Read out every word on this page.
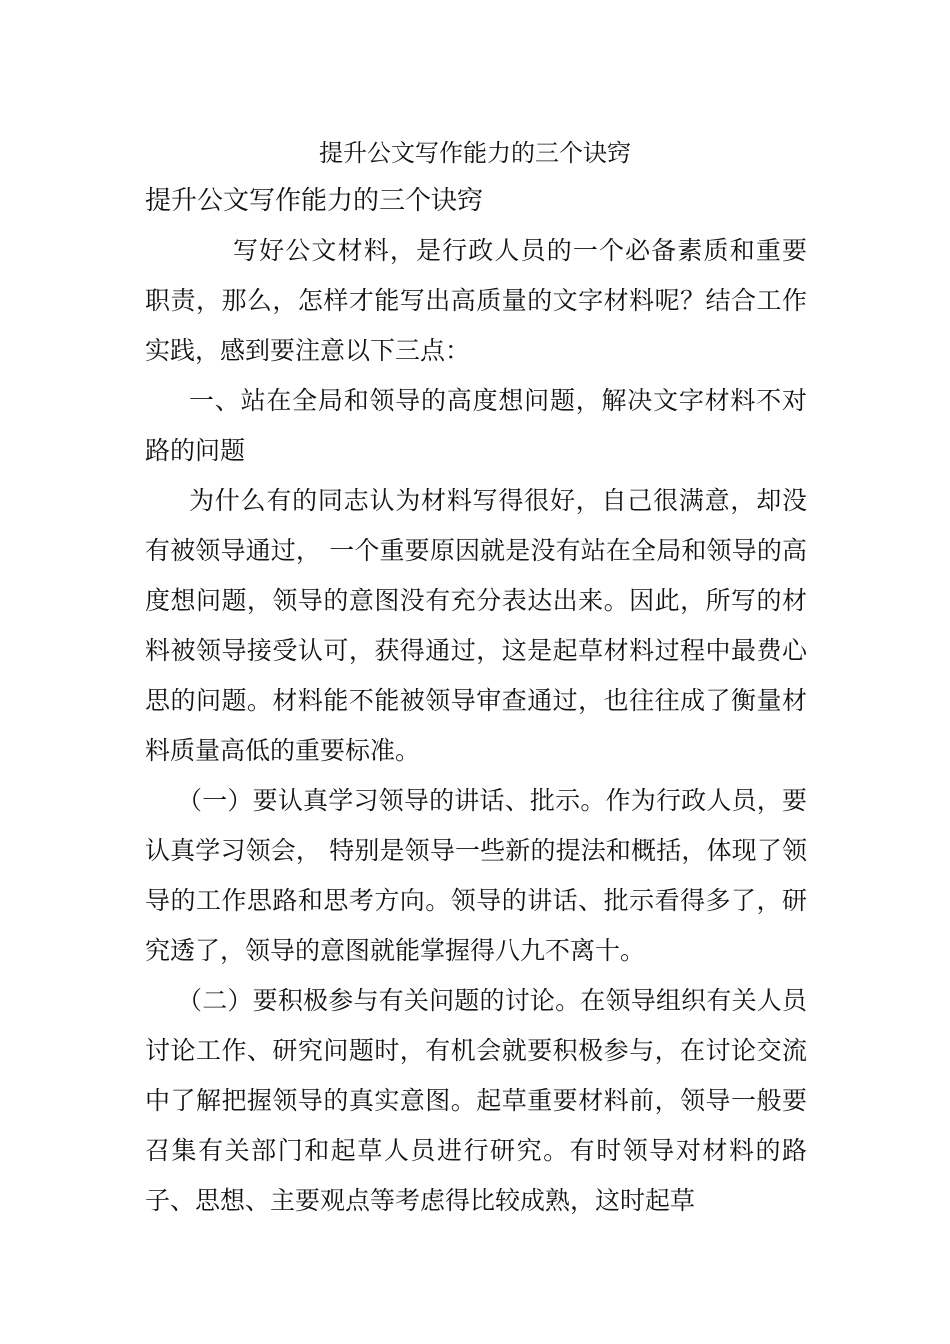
提升公文写作能力的三个诀窍
提升公文写作能力的三个诀窍

写好公文材料，是行政人员的一个必备素质和重要职责，那么，怎样才能写出高质量的文字材料呢？结合工作实践，感到要注意以下三点：

一、站在全局和领导的高度想问题，解决文字材料不对路的问题

为什么有的同志认为材料写得很好，自己很满意，却没有被领导通过， 一个重要原因就是没有站在全局和领导的高度想问题，领导的意图没有充分表达出来。因此，所写的材料被领导接受认可，获得通过，这是起草材料过程中最费心思的问题。材料能不能被领导审查通过，也往往成了衡量材料质量高低的重要标准。

（一）要认真学习领导的讲话、批示。作为行政人员，要认真学习领会， 特别是领导一些新的提法和概括，体现了领导的工作思路和思考方向。领导的讲话、批示看得多了，研究透了，领导的意图就能掌握得八九不离十。

（二）要积极参与有关问题的讨论。在领导组织有关人员讨论工作、研究问题时，有机会就要积极参与，在讨论交流中了解把握领导的真实意图。起草重要材料前，领导一般要召集有关部门和起草人员进行研究。有时领导对材料的路子、思想、主要观点等考虑得比较成熟，这时起草
